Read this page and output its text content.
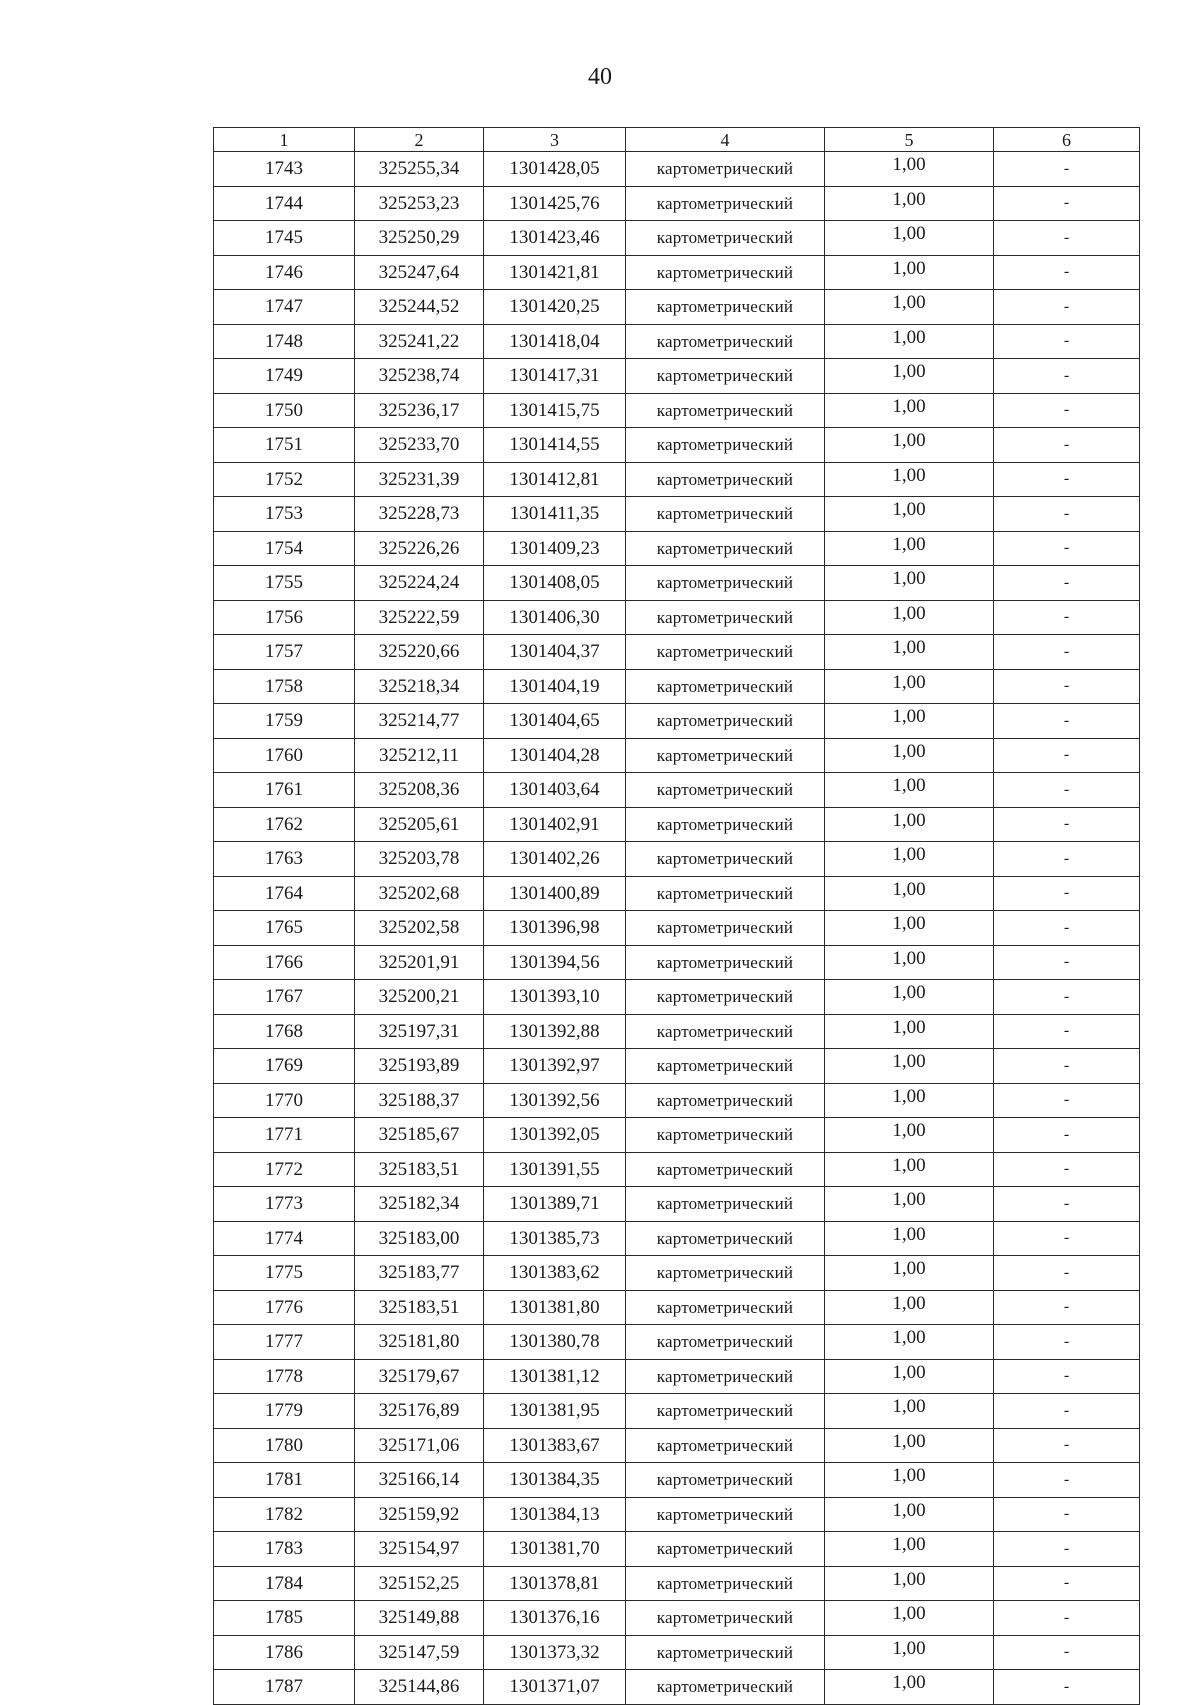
40
1	2	3	4	5	6
1743	325255,34	1301428,05	картометрический	1,00	-
1744	325253,23	1301425,76	картометрический	1,00	-
1745	325250,29	1301423,46	картометрический	1,00	-
1746	325247,64	1301421,81	картометрический	1,00	-
1747	325244,52	1301420,25	картометрический	1,00	-
1748	325241,22	1301418,04	картометрический	1,00	-
1749	325238,74	1301417,31	картометрический	1,00	-
1750	325236,17	1301415,75	картометрический	1,00	-
1751	325233,70	1301414,55	картометрический	1,00	-
1752	325231,39	1301412,81	картометрический	1,00	-
1753	325228,73	1301411,35	картометрический	1,00	-
1754	325226,26	1301409,23	картометрический	1,00	-
1755	325224,24	1301408,05	картометрический	1,00	-
1756	325222,59	1301406,30	картометрический	1,00	-
1757	325220,66	1301404,37	картометрический	1,00	-
1758	325218,34	1301404,19	картометрический	1,00	-
1759	325214,77	1301404,65	картометрический	1,00	-
1760	325212,11	1301404,28	картометрический	1,00	-
1761	325208,36	1301403,64	картометрический	1,00	-
1762	325205,61	1301402,91	картометрический	1,00	-
1763	325203,78	1301402,26	картометрический	1,00	-
1764	325202,68	1301400,89	картометрический	1,00	-
1765	325202,58	1301396,98	картометрический	1,00	-
1766	325201,91	1301394,56	картометрический	1,00	-
1767	325200,21	1301393,10	картометрический	1,00	-
1768	325197,31	1301392,88	картометрический	1,00	-
1769	325193,89	1301392,97	картометрический	1,00	-
1770	325188,37	1301392,56	картометрический	1,00	-
1771	325185,67	1301392,05	картометрический	1,00	-
1772	325183,51	1301391,55	картометрический	1,00	-
1773	325182,34	1301389,71	картометрический	1,00	-
1774	325183,00	1301385,73	картометрический	1,00	-
1775	325183,77	1301383,62	картометрический	1,00	-
1776	325183,51	1301381,80	картометрический	1,00	-
1777	325181,80	1301380,78	картометрический	1,00	-
1778	325179,67	1301381,12	картометрический	1,00	-
1779	325176,89	1301381,95	картометрический	1,00	-
1780	325171,06	1301383,67	картометрический	1,00	-
1781	325166,14	1301384,35	картометрический	1,00	-
1782	325159,92	1301384,13	картометрический	1,00	-
1783	325154,97	1301381,70	картометрический	1,00	-
1784	325152,25	1301378,81	картометрический	1,00	-
1785	325149,88	1301376,16	картометрический	1,00	-
1786	325147,59	1301373,32	картометрический	1,00	-
1787	325144,86	1301371,07	картометрический	1,00	-
